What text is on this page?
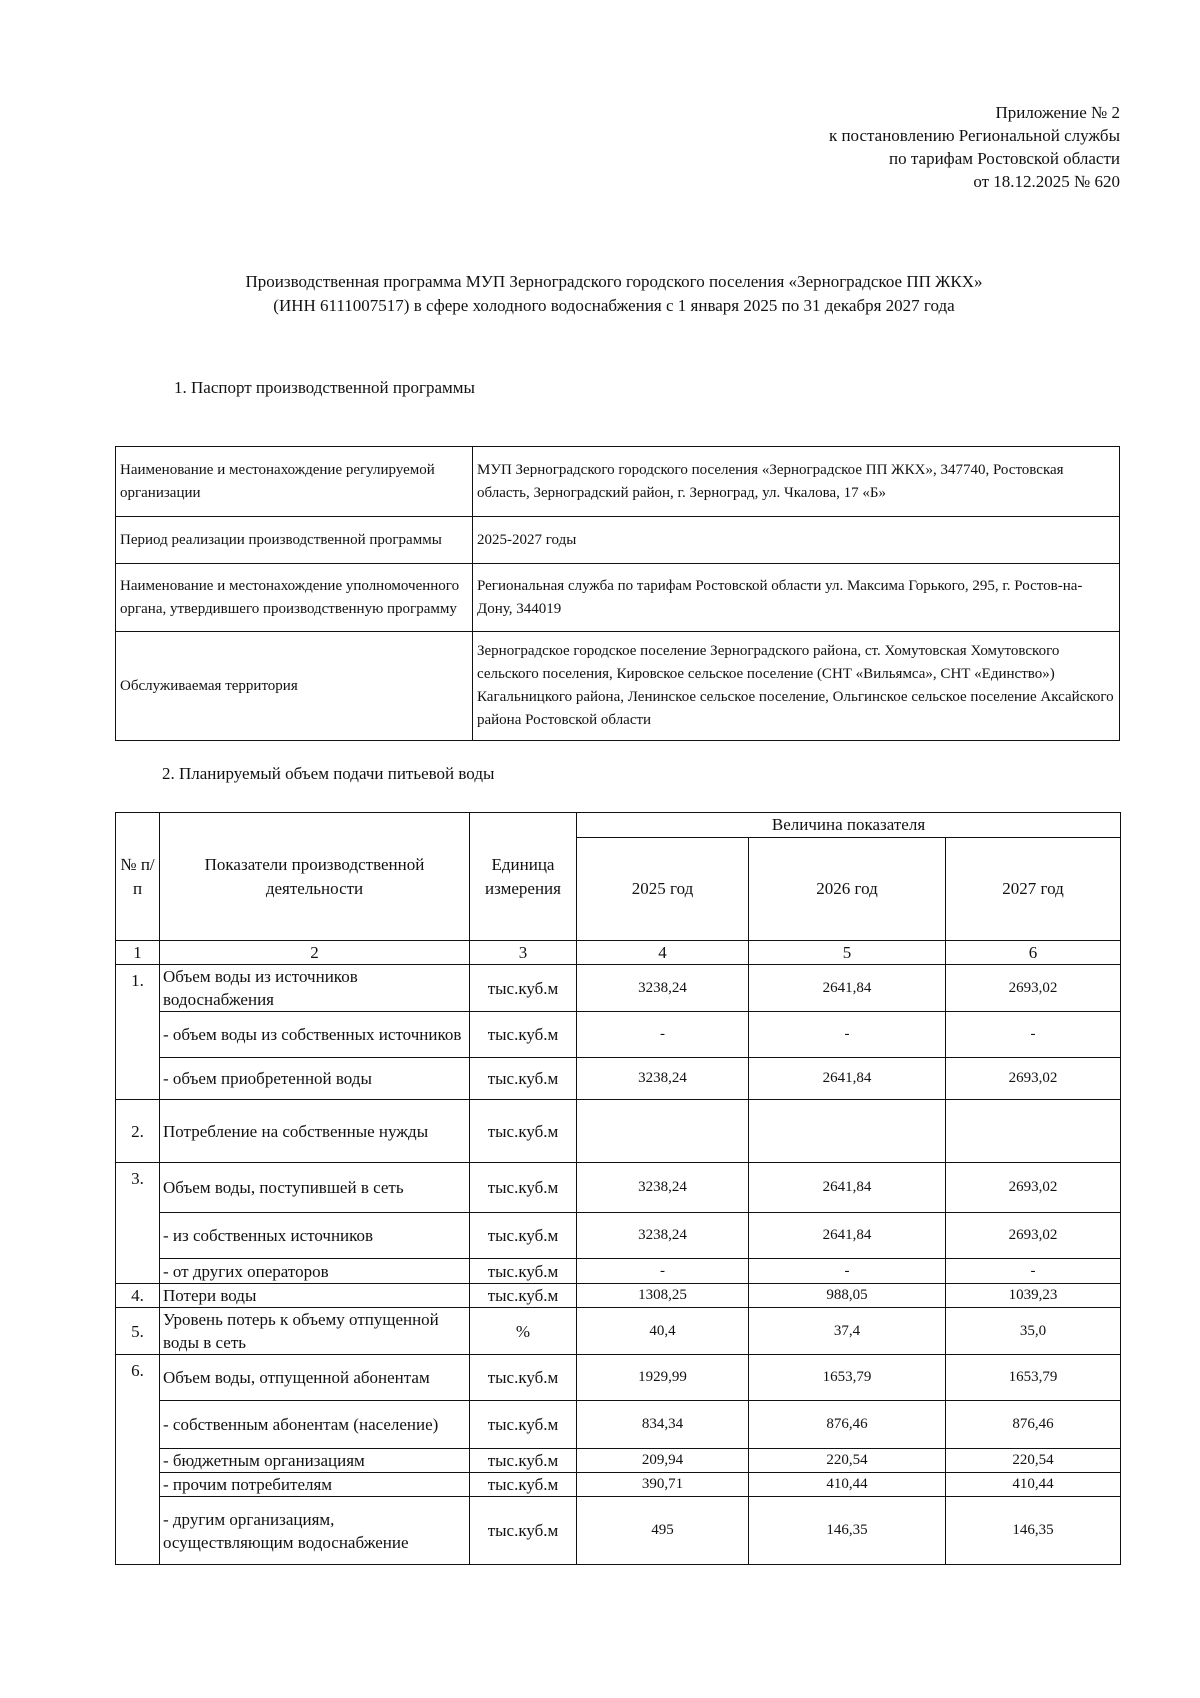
Приложение № 2
к постановлению Региональной службы
по тарифам Ростовской области
от 18.12.2025 № 620
Производственная программа МУП Зерноградского городского поселения «Зерноградское ПП ЖКХ»
(ИНН 6111007517) в сфере холодного водоснабжения с 1 января 2025 по 31 декабря 2027 года
1. Паспорт производственной программы
Наименование и местонахождение регулируемой организации	МУП Зерноградского городского поселения «Зерноградское ПП ЖКХ», 347740, Ростовская область, Зерноградский район, г. Зерноград, ул. Чкалова, 17 «Б»
Период реализации производственной программы	2025-2027 годы
Наименование и местонахождение уполномоченного органа, утвердившего производственную программу	Региональная служба по тарифам Ростовской области ул. Максима Горького, 295, г. Ростов-на-Дону, 344019
Обслуживаемая территория	Зерноградское городское поселение Зерноградского района, ст. Хомутовская Хомутовского сельского поселения, Кировское сельское поселение (СНТ «Вильямса», СНТ «Единство») Кагальницкого района, Ленинское сельское поселение, Ольгинское сельское поселение Аксайского района Ростовской области
2. Планируемый объем подачи питьевой воды
№ п/п	Показатели производственной деятельности	Единица измерения	Величина показателя		
			2025 год	2026 год	2027 год
1	2	3	4	5	6
1.	Объем воды из источников водоснабжения	тыс.куб.м	3238,24	2641,84	2693,02
	- объем воды из собственных источников	тыс.куб.м	-	-	-
	- объем приобретенной воды	тыс.куб.м	3238,24	2641,84	2693,02
2.	Потребление на собственные нужды	тыс.куб.м			
3.	Объем воды, поступившей в сеть	тыс.куб.м	3238,24	2641,84	2693,02
	- из собственных источников	тыс.куб.м	3238,24	2641,84	2693,02
	- от других операторов	тыс.куб.м	-	-	-
4.	Потери воды	тыс.куб.м	1308,25	988,05	1039,23
5.	Уровень потерь к объему отпущенной воды в сеть	%	40,4	37,4	35,0
6.	Объем воды, отпущенной абонентам	тыс.куб.м	1929,99	1653,79	1653,79
	- собственным абонентам (население)	тыс.куб.м	834,34	876,46	876,46
	- бюджетным организациям	тыс.куб.м	209,94	220,54	220,54
	- прочим потребителям	тыс.куб.м	390,71	410,44	410,44
	- другим организациям, осуществляющим водоснабжение	тыс.куб.м	495	146,35	146,35
